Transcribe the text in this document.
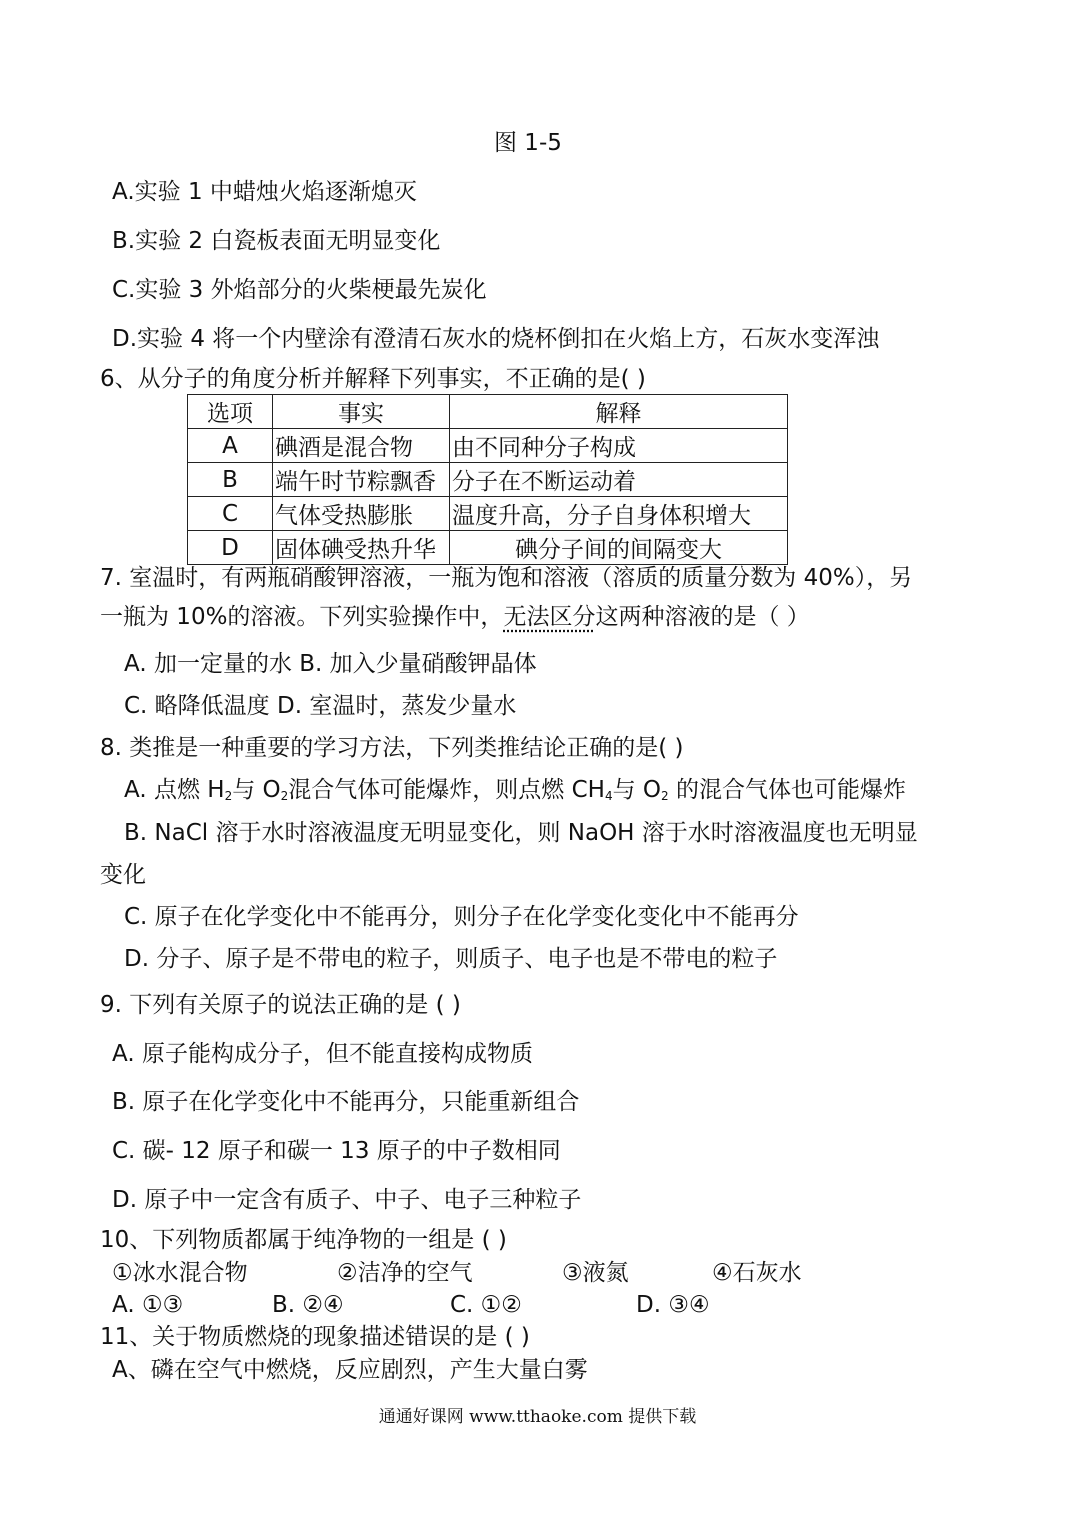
图 1-5
A.实验 1 中蜡烛火焰逐渐熄灭
B.实验 2 白瓷板表面无明显变化
C.实验 3 外焰部分的火柴梗最先炭化
D.实验 4 将一个内壁涂有澄清石灰水的烧杯倒扣在火焰上方，石灰水变浑浊
6、从分子的角度分析并解释下列事实，不正确的是( )
选项	事实	解释
A	碘酒是混合物	由不同种分子构成
B	端午时节粽飘香	分子在不断运动着
C	气体受热膨胀	温度升高，分子自身体积增大
D	固体碘受热升华	碘分子间的间隔变大
7. 室温时，有两瓶硝酸钾溶液，一瓶为饱和溶液（溶质的质量分数为 40%），另
一瓶为 10%的溶液。下列实验操作中，无法区分这两种溶液的是（ ）
A. 加一定量的水 B. 加入少量硝酸钾晶体
C. 略降低温度 D. 室温时，蒸发少量水
8. 类推是一种重要的学习方法，下列类推结论正确的是( )
A. 点燃 $H_2$与 $O_2$混合气体可能爆炸，则点燃 $CH_4$与 $O_2$ 的混合气体也可能爆炸
B. NaCl 溶于水时溶液温度无明显变化，则 NaOH 溶于水时溶液温度也无明显
变化
C. 原子在化学变化中不能再分，则分子在化学变化变化中不能再分
D. 分子、原子是不带电的粒子，则质子、电子也是不带电的粒子
9. 下列有关原子的说法正确的是 ( )
A. 原子能构成分子，但不能直接构成物质
B. 原子在化学变化中不能再分，只能重新组合
C. 碳- 12 原子和碳一 13 原子的中子数相同
D. 原子中一定含有质子、中子、电子三种粒子
10、下列物质都属于纯净物的一组是 ( )
①冰水混合物	②洁净的空气	③液氮	④石灰水
A. ①③	B. ②④	C. ①②	D. ③④
11、关于物质燃烧的现象描述错误的是 ( )
A、磷在空气中燃烧，反应剧烈，产生大量白雾
通通好课网 www.tthaoke.com 提供下载
